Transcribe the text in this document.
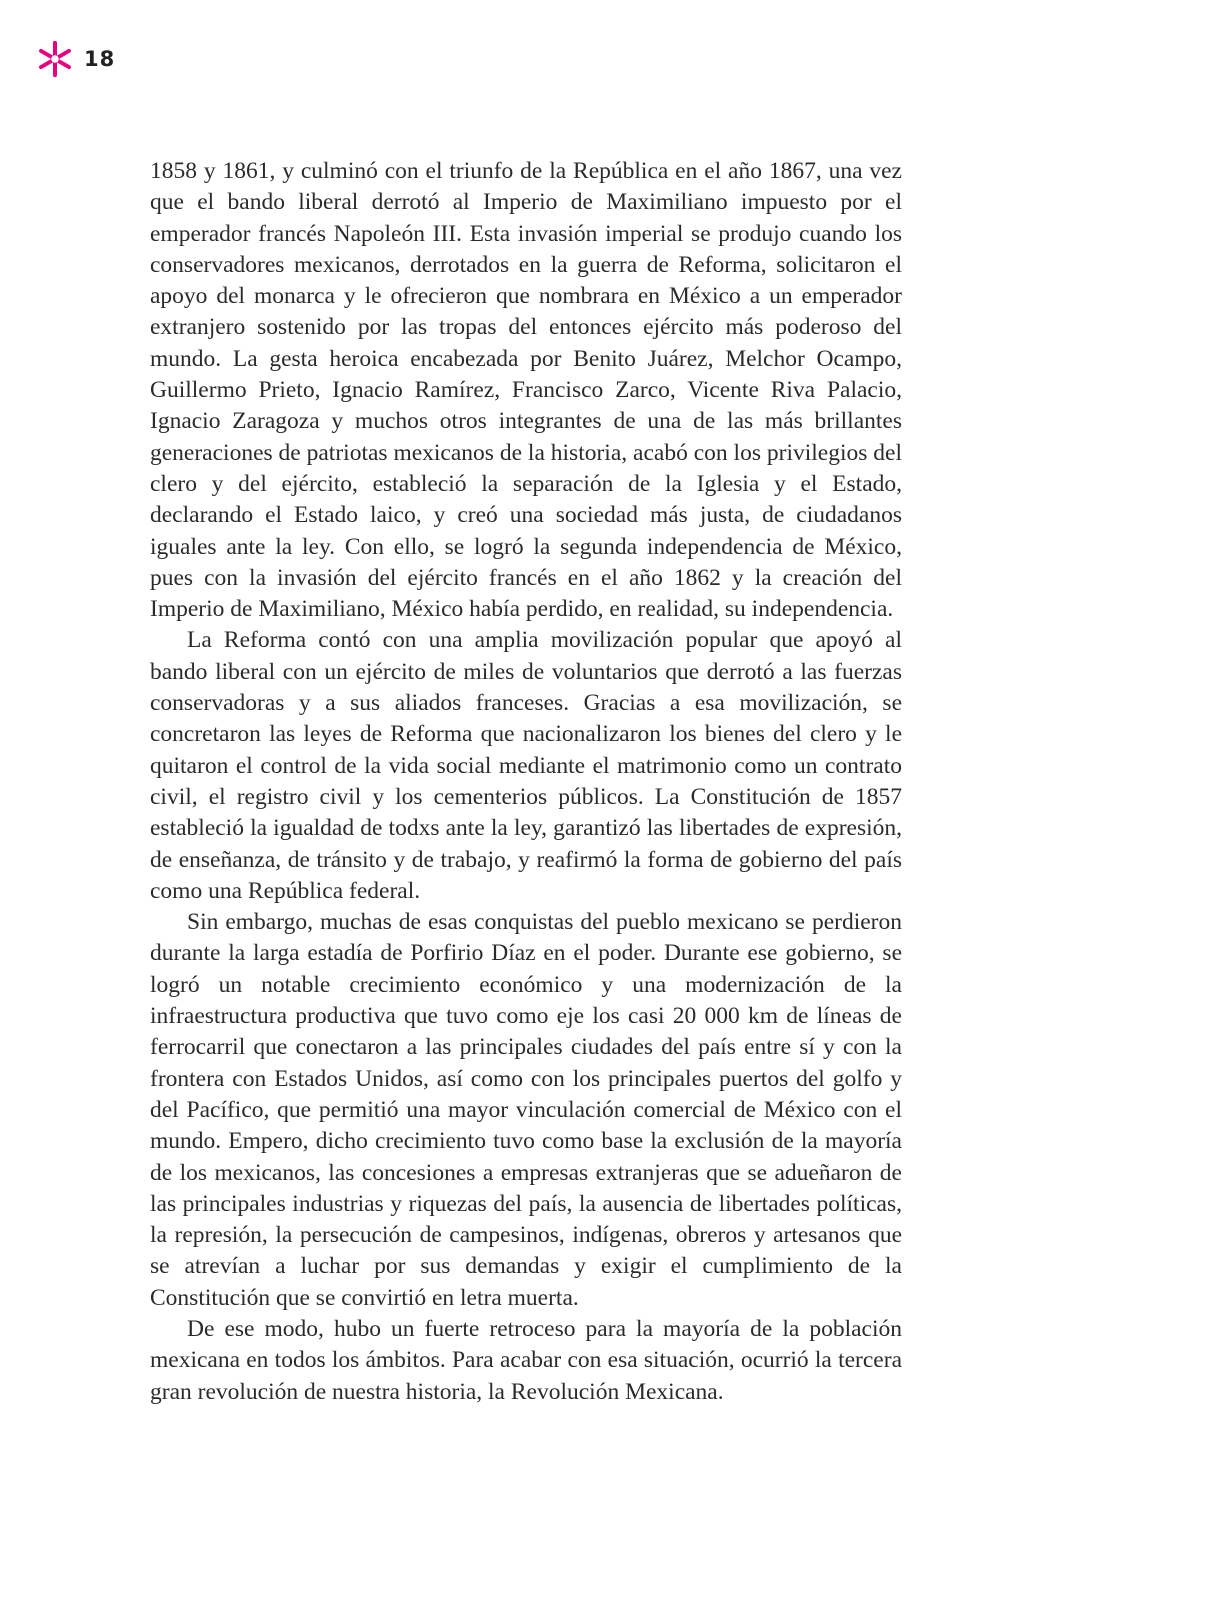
18

1858 y 1861, y culminó con el triunfo de la República en el año 1867, una vez que el bando liberal derrotó al Imperio de Maximiliano impuesto por el emperador francés Napoleón III. Esta invasión imperial se produjo cuando los conservadores mexicanos, derrotados en la guerra de Reforma, solicitaron el apoyo del monarca y le ofrecieron que nombrara en México a un emperador extranjero sostenido por las tropas del entonces ejército más poderoso del mundo. La gesta heroica encabezada por Benito Juárez, Melchor Ocampo, Guillermo Prieto, Ignacio Ramírez, Francisco Zarco, Vicente Riva Palacio, Ignacio Zaragoza y muchos otros integrantes de una de las más brillantes generaciones de patriotas mexicanos de la historia, acabó con los privilegios del clero y del ejército, estableció la separación de la Iglesia y el Estado, declarando el Estado laico, y creó una sociedad más justa, de ciudadanos iguales ante la ley. Con ello, se logró la segunda independencia de México, pues con la invasión del ejército francés en el año 1862 y la creación del Imperio de Maximiliano, México había perdido, en realidad, su independencia.

La Reforma contó con una amplia movilización popular que apoyó al bando liberal con un ejército de miles de voluntarios que derrotó a las fuerzas conservadoras y a sus aliados franceses. Gracias a esa movilización, se concretaron las leyes de Reforma que nacionalizaron los bienes del clero y le quitaron el control de la vida social mediante el matrimonio como un contrato civil, el registro civil y los cementerios públicos. La Constitución de 1857 estableció la igualdad de todxs ante la ley, garantizó las libertades de expresión, de enseñanza, de tránsito y de trabajo, y reafirmó la forma de gobierno del país como una República federal.

Sin embargo, muchas de esas conquistas del pueblo mexicano se perdieron durante la larga estadía de Porfirio Díaz en el poder. Durante ese gobierno, se logró un notable crecimiento económico y una modernización de la infraestructura productiva que tuvo como eje los casi 20 000 km de líneas de ferrocarril que conectaron a las principales ciudades del país entre sí y con la frontera con Estados Unidos, así como con los principales puertos del golfo y del Pacífico, que permitió una mayor vinculación comercial de México con el mundo. Empero, dicho crecimiento tuvo como base la exclusión de la mayoría de los mexicanos, las concesiones a empresas extranjeras que se adueñaron de las principales industrias y riquezas del país, la ausencia de libertades políticas, la represión, la persecución de campesinos, indígenas, obreros y artesanos que se atrevían a luchar por sus demandas y exigir el cumplimiento de la Constitución que se convirtió en letra muerta.

De ese modo, hubo un fuerte retroceso para la mayoría de la población mexicana en todos los ámbitos. Para acabar con esa situación, ocurrió la tercera gran revolución de nuestra historia, la Revolución Mexicana.
